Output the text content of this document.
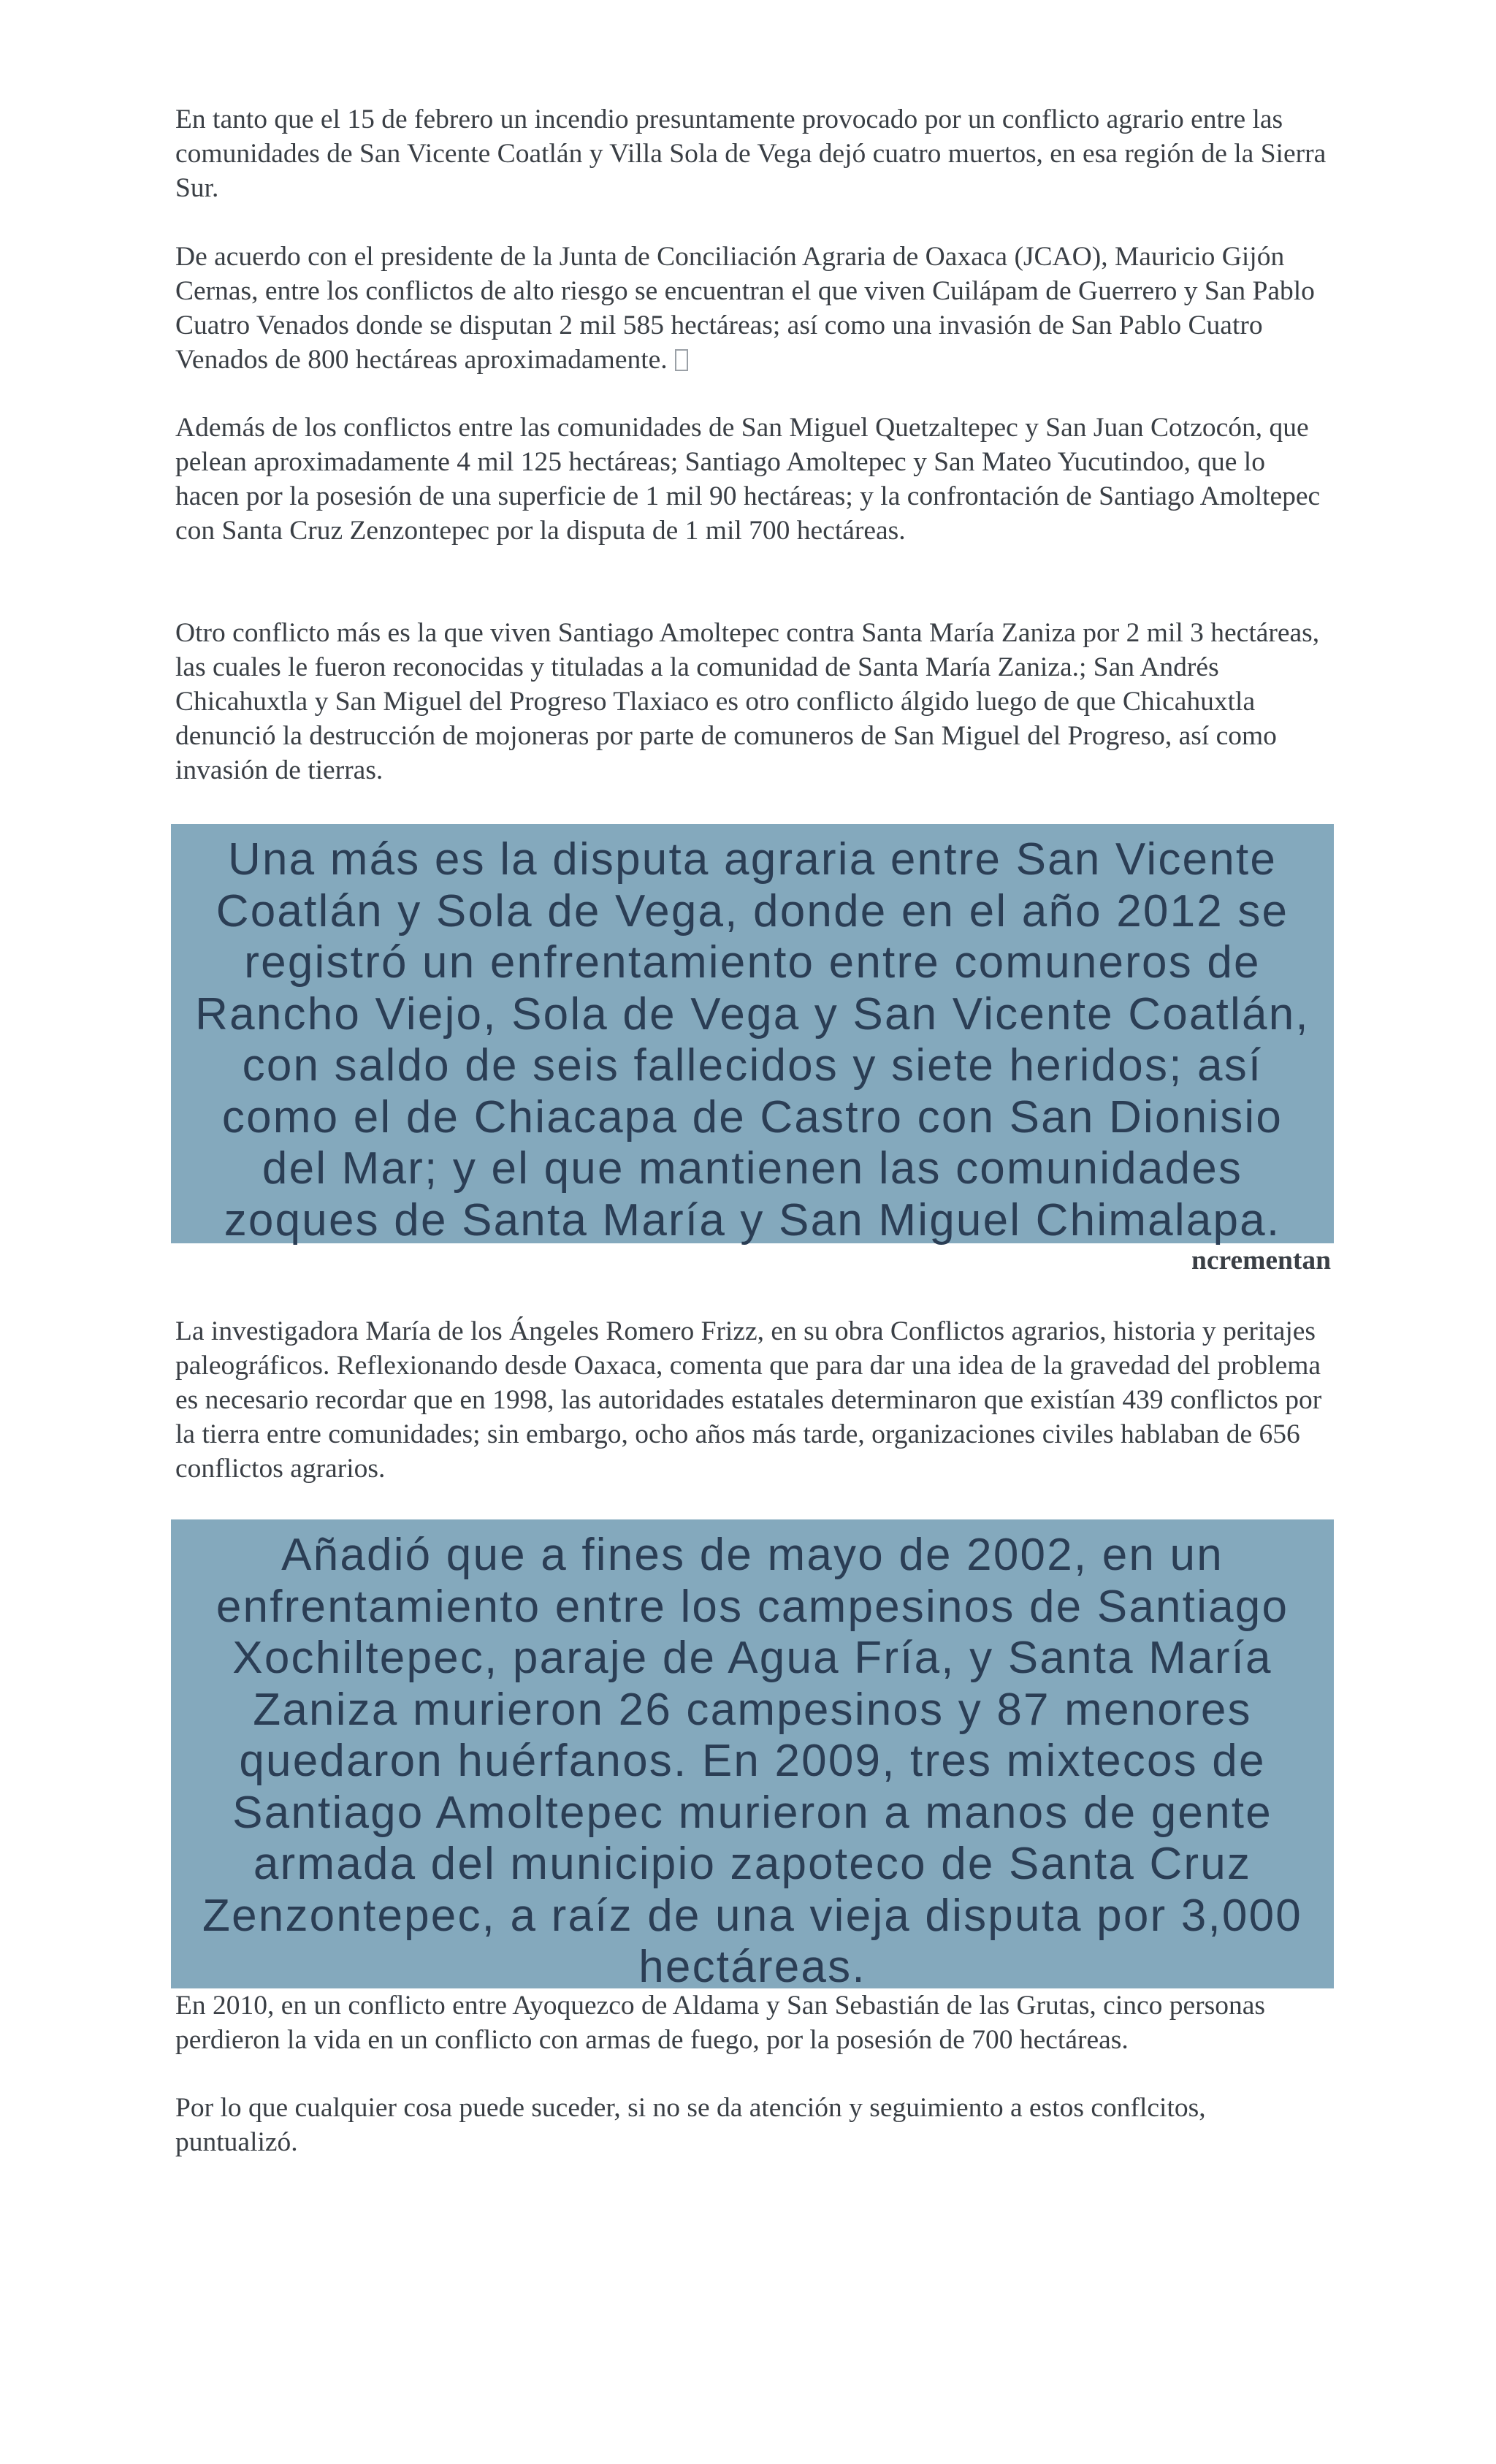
En tanto que el 15 de febrero un incendio presuntamente provocado por un conflicto agrario entre las comunidades de San Vicente Coatlán y Villa Sola de Vega dejó cuatro muertos, en esa región de la Sierra Sur.

De acuerdo con el presidente de la Junta de Conciliación Agraria de Oaxaca (JCAO), Mauricio Gijón Cernas, entre los conflictos de alto riesgo se encuentran el que viven Cuilápam de Guerrero y San Pablo Cuatro Venados donde se disputan 2 mil 585 hectáreas; así como una invasión de San Pablo Cuatro Venados de 800 hectáreas aproximadamente.

Además de los conflictos entre las comunidades de San Miguel Quetzaltepec y San Juan Cotzocón, que pelean aproximadamente 4 mil 125 hectáreas; Santiago Amoltepec y San Mateo Yucutindoo, que lo hacen por la posesión de una superficie de 1 mil 90 hectáreas; y la confrontación de Santiago Amoltepec con Santa Cruz Zenzontepec por la disputa de 1 mil 700 hectáreas.

Otro conflicto más es la que viven Santiago Amoltepec contra Santa María Zaniza por 2 mil 3 hectáreas, las cuales le fueron reconocidas y tituladas a la comunidad de Santa María Zaniza.; San Andrés Chicahuxtla y San Miguel del Progreso Tlaxiaco es otro conflicto álgido luego de que Chicahuxtla denunció la destrucción de mojoneras por parte de comuneros de San Miguel del Progreso, así como invasión de tierras.

Una más es la disputa agraria entre San Vicente Coatlán y Sola de Vega, donde en el año 2012 se registró un enfrentamiento entre comuneros de Rancho Viejo, Sola de Vega y San Vicente Coatlán, con saldo de seis fallecidos y siete heridos; así como el de Chiacapa de Castro con San Dionisio del Mar; y el que mantienen las comunidades zoques de Santa María y San Miguel Chimalapa.
ncrementan

La investigadora María de los Ángeles Romero Frizz, en su obra Conflictos agrarios, historia y peritajes paleográficos. Reflexionando desde Oaxaca, comenta que para dar una idea de la gravedad del problema es necesario recordar que en 1998, las autoridades estatales determinaron que existían 439 conflictos por la tierra entre comunidades; sin embargo, ocho años más tarde, organizaciones civiles hablaban de 656 conflictos agrarios.

Añadió que a fines de mayo de 2002, en un enfrentamiento entre los campesinos de Santiago Xochiltepec, paraje de Agua Fría, y Santa María Zaniza murieron 26 campesinos y 87 menores quedaron huérfanos. En 2009, tres mixtecos de Santiago Amoltepec murieron a manos de gente armada del municipio zapoteco de Santa Cruz Zenzontepec, a raíz de una vieja disputa por 3,000 hectáreas.

En 2010, en un conflicto entre Ayoquezco de Aldama y San Sebastián de las Grutas, cinco personas perdieron la vida en un conflicto con armas de fuego, por la posesión de 700 hectáreas.

Por lo que cualquier cosa puede suceder, si no se da atención y seguimiento a estos confl​citos, puntualizó.
